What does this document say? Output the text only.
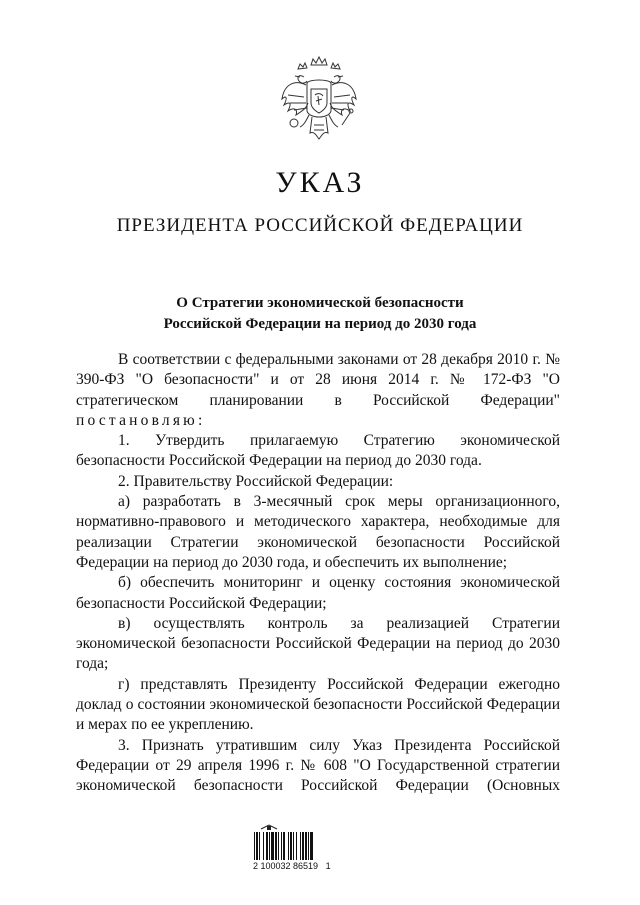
УКАЗ
ПРЕЗИДЕНТА РОССИЙСКОЙ ФЕДЕРАЦИИ
О Стратегии экономической безопасности
Российской Федерации на период до 2030 года

В соответствии с федеральными законами от 28 декабря 2010 г. № 390-ФЗ "О безопасности" и от 28 июня 2014 г. № 172-ФЗ "О стратегическом планировании в Российской Федерации"

постановляю:

1. Утвердить прилагаемую Стратегию экономической безопасности Российской Федерации на период до 2030 года.

2. Правительству Российской Федерации:

а) разработать в 3-месячный срок меры организационного, нормативно-правового и методического характера, необходимые для реализации Стратегии экономической безопасности Российской Федерации на период до 2030 года, и обеспечить их выполнение;

б) обеспечить мониторинг и оценку состояния экономической безопасности Российской Федерации;

в) осуществлять контроль за реализацией Стратегии экономической безопасности Российской Федерации на период до 2030 года;

г) представлять Президенту Российской Федерации ежегодно доклад о состоянии экономической безопасности Российской Федерации и мерах по ее укреплению.

3. Признать утратившим силу Указ Президента Российской Федерации от 29 апреля 1996 г. № 608 "О Государственной стратегии экономической безопасности Российской Федерации (Основных

2 100032 86519   1
